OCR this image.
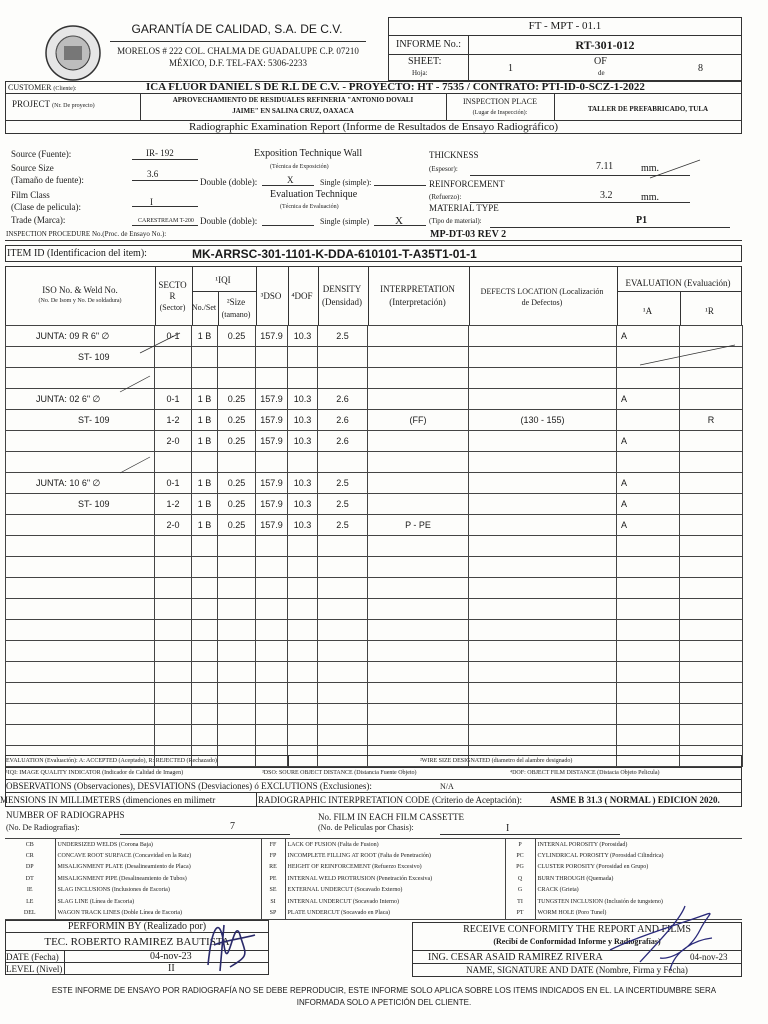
GARANTÍA DE CALIDAD, S.A. DE C.V.
MORELOS # 222 COL. CHALMA DE GUADALUPE C.P. 07210
MÉXICO, D.F. TEL-FAX: 5306-2233
FT - MPT - 01.1
INFORME No.:	RT-301-012
SHEET:
Hoja:	1
OF
de	8
CUSTOMER (Cliente):	ICA FLUOR DANIEL S DE R.L DE C.V. - PROYECTO: HT - 7535 / CONTRATO: PTI-ID-0-SCZ-1-2022
PROJECT (Nr. De proyecto)
APROVECHAMIENTO DE RESIDUALES REFINERIA "ANTONIO DOVALI
JAIME" EN SALINA CRUZ, OAXACA
INSPECTION PLACE
(Lugar de Inspección):	TALLER DE PREFABRICADO, TULA
Radiographic Examination Report (Informe de Resultados de Ensayo Radiográfico)
Source (Fuente):	IR- 192
Source Size
(Tamaño de fuente):
3.6
Film Class
(Clase de pelicula):	I
Trade (Marca):	CARESTREAM T-200
INSPECTION PROCEDURE No.(Proc. de Ensayo No.):	MP-DT-03 REV 2
Exposition Technique Wall
(Técnica de Exposición)
Double (doble):	X	Single (simple):
Evaluation Technique
(Técnica de Evaluación)
Double (doble):	Single (simple) X
THICKNESS
(Espesor):	7.11	mm.
REINFORCEMENT
(Refuerzo):	3.2	mm.
MATERIAL TYPE
(Tipo de material):	P1
ITEM ID (Identificacion del item):	MK-ARRSC-301-1101-K-DDA-610101-T-A35T1-01-1
ISO No. & Weld No.
(No. De Isom y No. De soldadura)
SECTO
R
(Sector)
¹IQI
No./Set
²Size
(tamano)
³DSO	⁴DOF
DENSITY
(Densidad)
INTERPRETATION
(Interpretación)
DEFECTS LOCATION (Localización
de Defectos)
EVALUATION (Evaluación)
¹A	¹R
JUNTA: 09 R 6" ∅	0-1	1 B	0.25	157.9	10.3	2.5			A	
ST- 109										

JUNTA: 02 6" ∅	0-1	1 B	0.25	157.9	10.3	2.6			A	
ST- 109	1-2	1 B	0.25	157.9	10.3	2.6	(FF)	(130 - 155)		R
	2-0	1 B	0.25	157.9	10.3	2.6			A	

JUNTA: 10 6" ∅	0-1	1 B	0.25	157.9	10.3	2.5			A	
ST- 109	1-2	1 B	0.25	157.9	10.3	2.5			A	
	2-0	1 B	0.25	157.9	10.3	2.5	P - PE		A	

EVALUATION (Evaluación): A: ACCEPTED (Aceptado), R: REJECTED (Rechazado)	²WIRE SIZE DESIGNATED (diametro del alambre designado)
¹IQI: IMAGE QUALITY INDICATOR (Indicador de Calidad de Imagen)	³DSO: SOURE OBJECT DISTANCE (Distancia Fuente Objeto)	⁴DOF: OBJECT FILM DISTANCE (Distacia Objeto Pelicula)
OBSERVATIONS (Observaciones), DESVIATIONS (Desviaciones) ó EXCLUTIONS (Exclusiones):	N/A
MENSIONS IN MILLIMETERS (dimenciones en milimetr	RADIOGRAPHIC INTERPRETATION CODE (Criterio de Aceptación):	ASME B 31.3 ( NORMAL ) EDICION 2020.
NUMBER OF RADIOGRAPHS
(No. De Radiografias):	7
No. FILM IN EACH FILM CASSETTE
(No. de Peliculas por Chasis):	I
CB	UNDERSIZED WELDS (Corona Baja)	FF	LACK OF FUSION (Falta de Fusion)	P	INTERNAL POROSITY (Porosidad)
CR	CONCAVE ROOT SURFACE (Concavidad en la Raiz)	FP	INCOMPLETE FILLING AT ROOT (Falta de Penetración)	PC	CYLINDRICAL POROSITY (Porosidad Cilindrica)
DP	MISALIGNMENT PLATE (Desalineamiento de Placa)	RE	HEIGHT OF REINFORCEMENT (Refuerzo Excesivo)	PG	CLUSTER POROSITY (Porosidad en Grupo)
DT	MISALIGNMENT PIPE (Desalineamiento de Tubos)	PE	INTERNAL WELD PROTRUSION (Penetración Excesiva)	Q	BURN THROUGH (Quemada)
IE	SLAG INCLUSIONS (Inclusiones de Escoria)	SE	EXTERNAL UNDERCUT (Socavado Externo)	G	CRACK (Grieta)
LE	SLAG LINE (Línea de Escoria)	SI	INTERNAL UNDERCUT (Socavado Interno)	TI	TUNGSTEN INCLUSION (Inclusión de tungsteno)
DEL	WAGON TRACK LINES (Doble Línea de Escoria)	SP	PLATE UNDERCUT (Socavado en Placa)	PT	WORM HOLE (Poro Tunel)
PERFORMIN BY (Realizado por)
TEC. ROBERTO RAMIREZ BAUTISTA
DATE (Fecha)	04-nov-23
LEVEL (Nivel)	II
RECEIVE CONFORMITY THE REPORT AND FILMS
(Recibí de Conformidad Informe y Radiografías)
ING. CESAR ASAID RAMIREZ RIVERA	04-nov-23
NAME, SIGNATURE AND DATE (Nombre, Firma y Fecha)
ESTE INFORME DE ENSAYO POR RADIOGRAFÍA NO SE DEBE REPRODUCIR, ESTE INFORME SOLO APLICA SOBRE LOS ITEMS INDICADOS EN EL. LA INCERTIDUMBRE SERA
INFORMADA SOLO A PETICIÓN DEL CLIENTE.
